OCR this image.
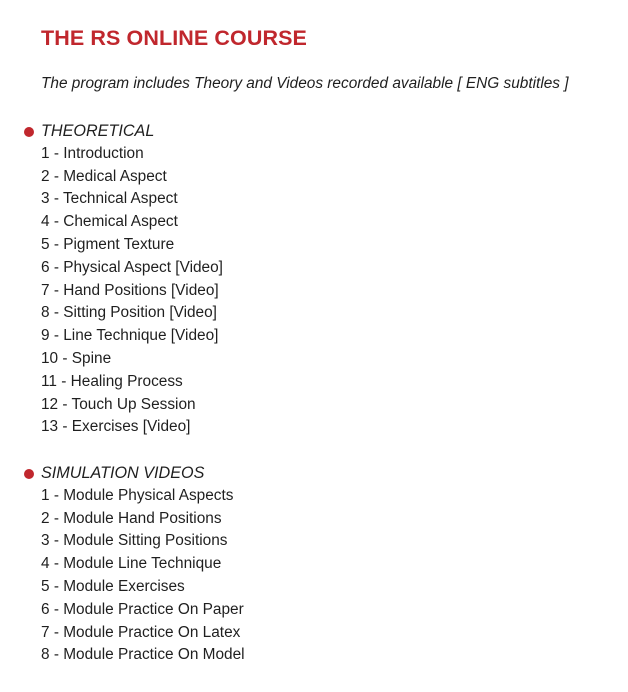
THE RS ONLINE COURSE

The program includes Theory and Videos recorded available [ ENG subtitles ]

THEORETICAL
1 - Introduction
2 - Medical Aspect
3 - Technical Aspect
4 - Chemical Aspect
5 - Pigment Texture
6 - Physical Aspect [Video]
7 - Hand Positions [Video]
8 - Sitting Position [Video]
9 - Line Technique [Video]
10 - Spine
11 - Healing Process
12 - Touch Up Session
13 - Exercises [Video]
SIMULATION VIDEOS
1 - Module Physical Aspects
2 - Module Hand Positions
3 - Module Sitting Positions
4 - Module Line Technique
5 - Module Exercises
6 - Module Practice On Paper
7 - Module Practice On Latex
8 - Module Practice On Model
